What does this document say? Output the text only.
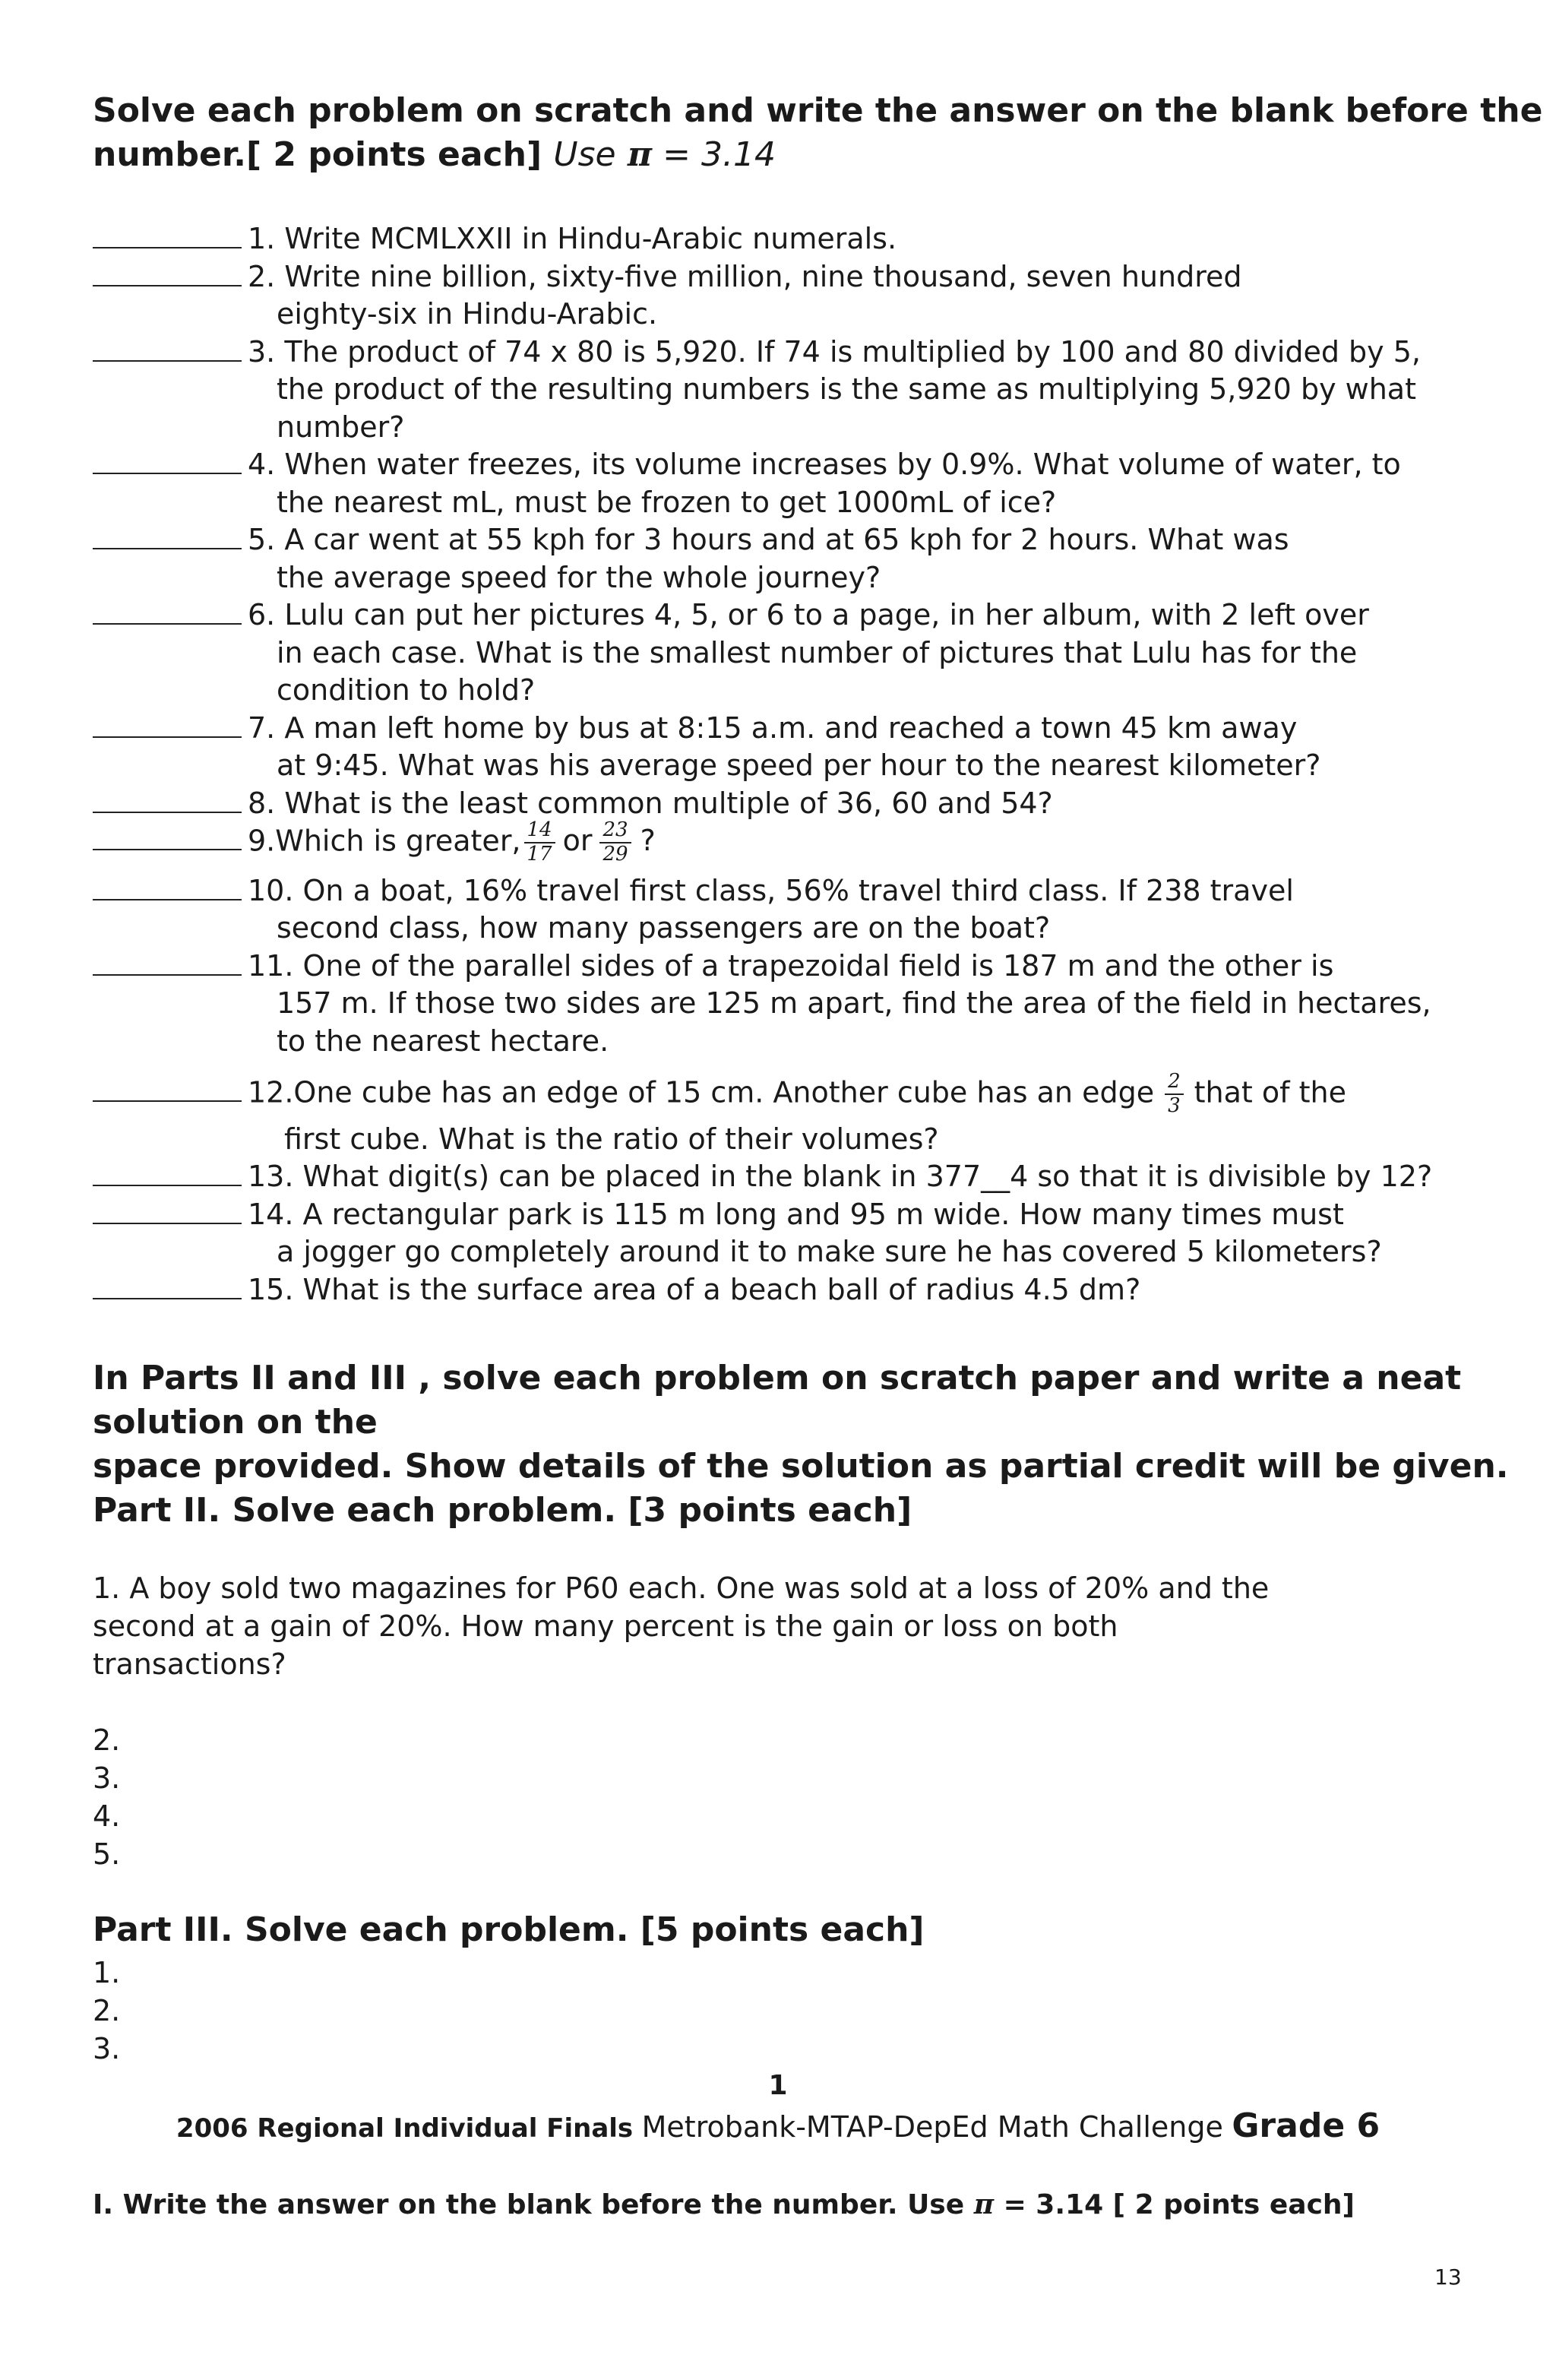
Solve each problem on scratch and write the answer on the blank before the
number.[ 2 points each] Use π = 3.14
1. Write MCMLXXII in Hindu-Arabic numerals.
2. Write nine billion, sixty-five million, nine thousand, seven hundred
eighty-six in Hindu-Arabic.
3. The product of 74 x 80 is 5,920. If 74 is multiplied by 100 and 80 divided by 5,
the product of the resulting numbers is the same as multiplying 5,920 by what
number?
4. When water freezes, its volume increases by 0.9%. What volume of water, to
the nearest mL, must be frozen to get 1000mL of ice?
5. A car went at 55 kph for 3 hours and at 65 kph for 2 hours. What was
the average speed for the whole journey?
6. Lulu can put her pictures 4, 5, or 6 to a page, in her album, with 2 left over
in each case. What is the smallest number of pictures that Lulu has for the
condition to hold?
7. A man left home by bus at 8:15 a.m. and reached a town 45 km away
at 9:45. What was his average speed per hour to the nearest kilometer?
8. What is the least common multiple of 36, 60 and 54?
9.Which is greater, $\frac{14}{17}$ or $\frac{23}{29}$ ?
10. On a boat, 16% travel first class, 56% travel third class. If 238 travel
second class, how many passengers are on the boat?
11. One of the parallel sides of a trapezoidal field is 187 m and the other is
157 m. If those two sides are 125 m apart, find the area of the field in hectares,
to the nearest hectare.
12.One cube has an edge of 15 cm. Another cube has an edge $\frac{2}{3}$ that of the
first cube. What is the ratio of their volumes?
13. What digit(s) can be placed in the blank in 377__4 so that it is divisible by 12?
14. A rectangular park is 115 m long and 95 m wide. How many times must
a jogger go completely around it to make sure he has covered 5 kilometers?
15. What is the surface area of a beach ball of radius 4.5 dm?
In Parts II and III , solve each problem on scratch paper and write a neat
solution on the
space provided. Show details of the solution as partial credit will be given.
Part II. Solve each problem. [3 points each]
1. A boy sold two magazines for P60 each. One was sold at a loss of 20% and the
second at a gain of 20%. How many percent is the gain or loss on both
transactions?
2.
3.
4.
5.
Part III. Solve each problem. [5 points each]
1.
2.
3.
1
2006 Regional Individual Finals Metrobank-MTAP-DepEd Math Challenge Grade 6
I. Write the answer on the blank before the number. Use π = 3.14 [ 2 points each]
13
